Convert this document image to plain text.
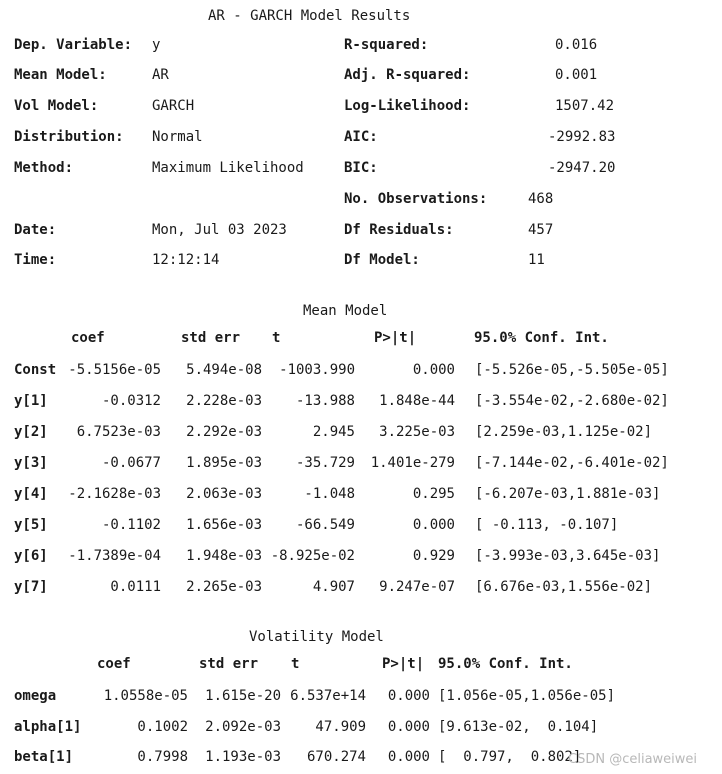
AR - GARCH Model Results
Dep. Variable: y
Mean Model:	AR
Vol Model:	GARCH
Distribution: Normal
Method:	Maximum Likelihood
Date:	Mon, Jul 03 2023
Time:	12:12:14
R-squared:	0.016
Adj. R-squared:	0.001
Log-Likelihood:	1507.42
AIC:	-2992.83
BIC:	-2947.20
No. Observations:	468
Df Residuals:	457
Df Model:	11
Mean Model
coef	std err t	P>|t|	95.0% Conf. Int.
Const -5.5156e-05	5.494e-08	-1003.990	0.000 [-5.526e-05,-5.505e-05]
y[1]	-0.0312	2.228e-03	-13.988	1.848e-44 [-3.554e-02,-2.680e-02]
y[2]	6.7523e-03	2.292e-03	2.945	3.225e-03 [2.259e-03,1.125e-02]
y[3]	-0.0677	1.895e-03	-35.729	1.401e-279 [-7.144e-02,-6.401e-02]
y[4]	-2.1628e-03	2.063e-03	-1.048	0.295 [-6.207e-03,1.881e-03]
y[5]	-0.1102	1.656e-03	-66.549	0.000 [ -0.113, -0.107]
y[6]	-1.7389e-04	1.948e-03 -8.925e-02	0.929 [-3.993e-03,3.645e-03]
y[7]	0.0111	2.265e-03	4.907	9.247e-07 [6.676e-03,1.556e-02]
Volatility Model
coef	std err t	P>|t| 95.0% Conf. Int.
omega	1.0558e-05	1.615e-20 6.537e+14	0.000 [1.056e-05,1.056e-05]
alpha[1]	0.1002	2.092e-03	47.909	0.000 [9.613e-02,  0.104]
beta[1]	0.7998	1.193e-03	670.274	0.000 [  0.797,  0.802]
CSDN @celiaweiwei
